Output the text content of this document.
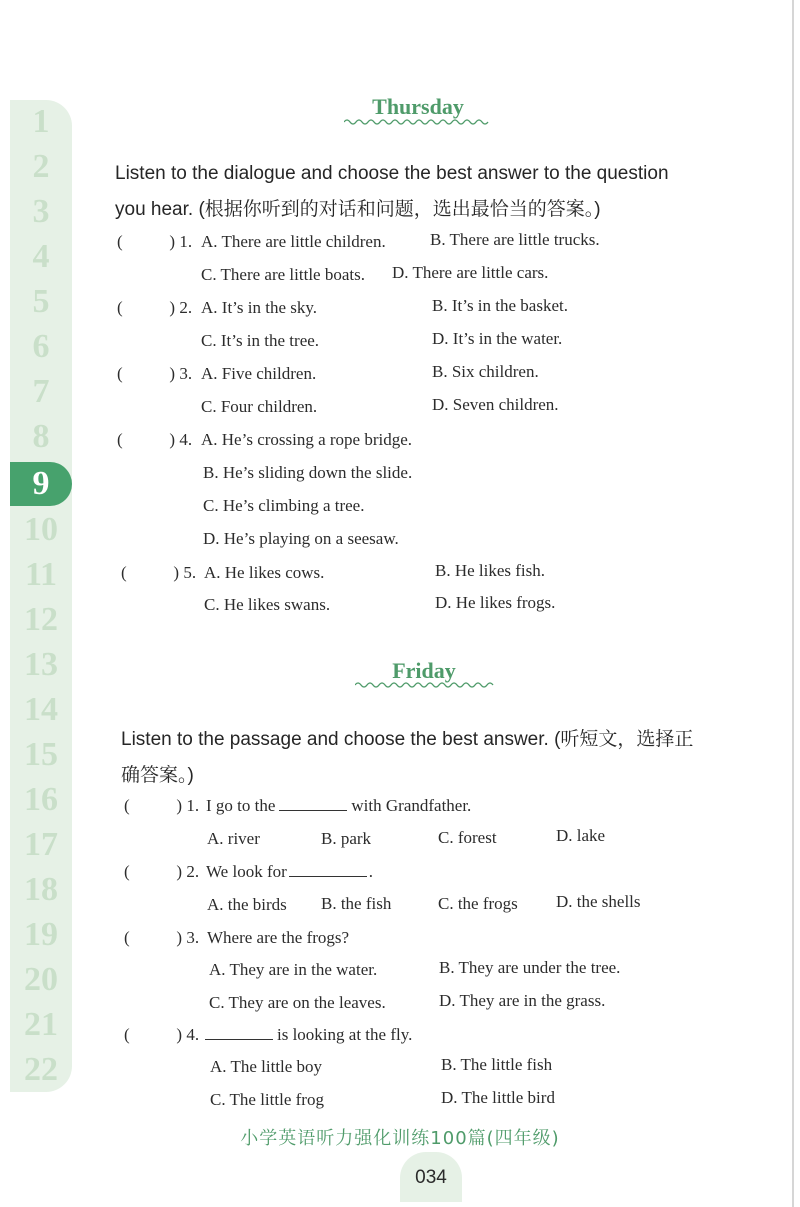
1
2
3
4
5
6
7
8
9
10
11
12
13
14
15
16
17
18
19
20
21
22
Thursday
Listen to the dialogue and choose the best answer to the question
you hear. (根据你听到的对话和问题，选出最恰当的答案。)
(     ) 1. A. There are little children.	B. There are little trucks.
C. There are little boats. D. There are little cars.
(     ) 2. A. It’s in the sky.	B. It’s in the basket.
C. It’s in the tree.	D. It’s in the water.
(     ) 3. A. Five children.	B. Six children.
C. Four children.	D. Seven children.
(     ) 4. A. He’s crossing a rope bridge.
B. He’s sliding down the slide.
C. He’s climbing a tree.
D. He’s playing on a seesaw.
(     ) 5. A. He likes cows.	B. He likes fish.
C. He likes swans.	D. He likes frogs.
Friday
Listen to the passage and choose the best answer. (听短文，选择正
确答案。)
(     ) 1. I go to the	with Grandfather.
A. river	B. park	C. forest	D. lake
(     ) 2. We look for	.
A. the birds B. the fish	C. the frogs D. the shells
(     ) 3. Where are the frogs?
A. They are in the water.	B. They are under the tree.
C. They are on the leaves.	D. They are in the grass.
(     ) 4.	is looking at the fly.
A. The little boy	B. The little fish
C. The little frog	D. The little bird
小学英语听力强化训练100篇(四年级)
034
